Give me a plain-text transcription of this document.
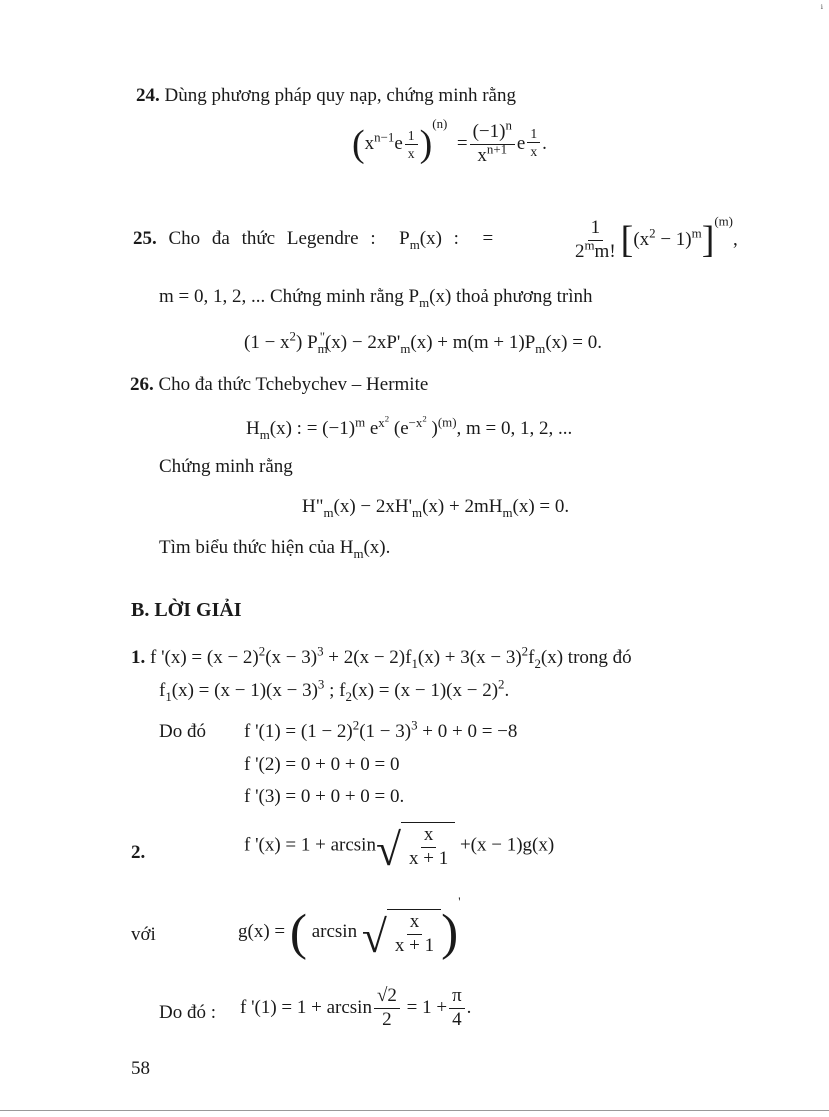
24. Dùng phương pháp quy nạp, chứng minh rằng
$(x^{n-1}e \frac{1}{x} )^{(n)} = \frac{(-1)^n}{x^{n+1}}$ e $\frac{1}{x}$ .
25. Cho đa thức Legendre :  $P_m(x)$ :  =	$\frac{1}{2^mm!} [(x^2 - 1)^m]^{(m)}$,
m = 0, 1, 2, ... Chứng minh rằng $P_m(x)$ thoả phương trình
$(1 - x^2)$ $P_m^"(x) - 2xP'_m(x) + m(m + 1)P_m(x) = 0$.
26. Cho đa thức Tchebychev – Hermite
$H_m(x)$ : = $(-1)^m$ $e^{x^2}$ ($e^{-x^2}$ )$^{(m)}$, m = 0, 1, 2, ...
Chứng minh rằng
$H"_m(x) - 2xH'_m(x) + 2mH_m(x) = 0$.
Tìm biểu thức hiện của $H_m(x)$.
B. LỜI GIẢI
1. f '$(x) = (x - 2)^2(x - 3)^3 + 2(x - 2)f_1(x) + 3(x - 3)^2f_2(x)$ trong đó
$f_1(x) = (x - 1)(x - 3)^3$ ; $f_2(x) = (x - 1)(x - 2)^2$.
Do đó f '$(1) = (1 - 2)^2(1 - 3)^3 + 0 + 0 = -8$
f '(2) = 0 + 0 + 0 = 0
f '(3) = 0 + 0 + 0 = 0.
2.	f '(x) = 1 + arcsin √ $\frac{x}{x + 1} +(x - 1)g(x)$
với	g(x) = ( arcsin √ $\frac{x}{x + 1} )'$
Do đó : f '$(1) = 1 + \arcsin \frac{√2}{2} = 1 + \frac{\pi}{4}$ .
58
ⁱ
